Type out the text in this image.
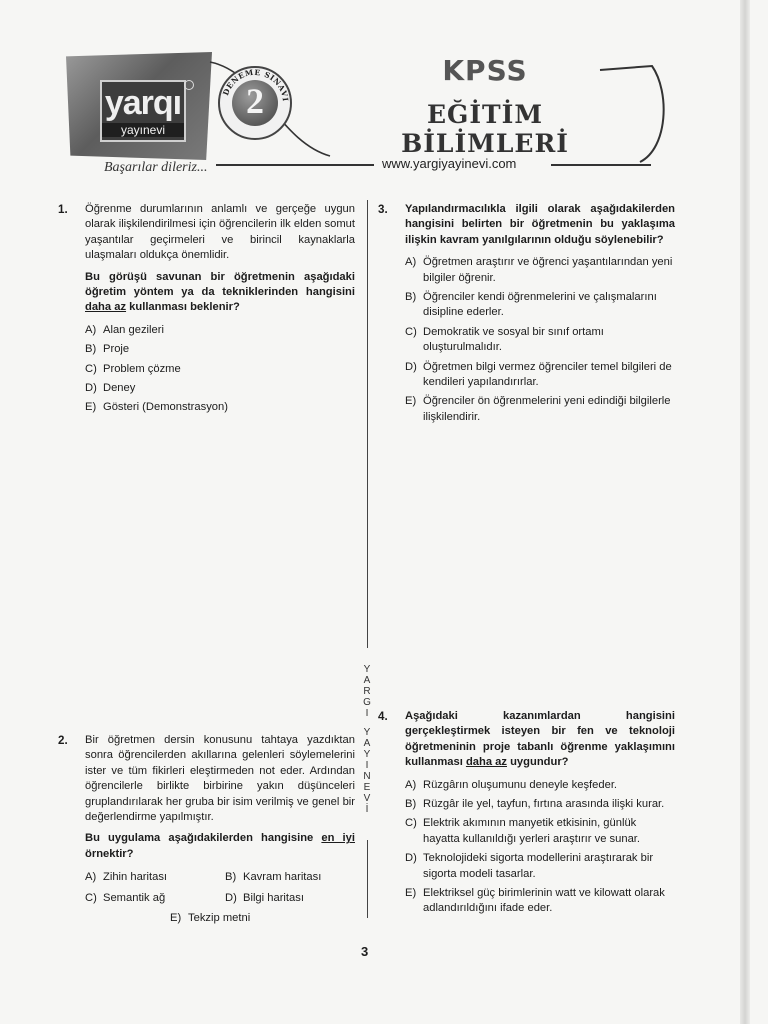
yarqı
yayınevi
DENEME SINAVI
2
KPSS
EĞİTİM BİLİMLERİ
Başarılar dileriz...	www.yargiyayinevi.com
Y
A
R
G
I
Y
A
Y
I
N
E
V
İ
1. Öğrenme durumlarının anlamlı ve gerçeğe uygun olarak ilişkilendirilmesi için öğrencilerin ilk elden somut yaşantılar geçirmeleri ve birincil kaynaklarla ulaşmaları oldukça önemlidir.

Bu görüşü savunan bir öğretmenin aşağıdaki öğretim yöntem ya da tekniklerinden hangisini daha az kullanması beklenir?

A) Alan gezileri
B) Proje
C) Problem çözme
D) Deney
E) Gösteri (Demonstrasyon)
2. Bir öğretmen dersin konusunu tahtaya yazdıktan sonra öğrencilerden akıllarına gelenleri söylemelerini ister ve tüm fikirleri eleştirmeden not eder. Ardından öğrencilerle birlikte birbirine yakın düşünceleri gruplandırılarak her gruba bir isim verilmiş ve genel bir değerlendirme yapılmıştır.

Bu uygulama aşağıdakilerden hangisine en iyi örnektir?

A) Zihin haritası	B) Kavram haritası
C) Semantik ağ	D) Bilgi haritası
E) Tekzip metni
3. Yapılandırmacılıkla ilgili olarak aşağıdakilerden hangisini belirten bir öğretmenin bu yaklaşıma ilişkin kavram yanılgılarının olduğu söylenebilir?

A) Öğretmen araştırır ve öğrenci yaşantılarından yeni bilgiler öğrenir.
B) Öğrenciler kendi öğrenmelerini ve çalışmalarını disipline ederler.
C) Demokratik ve sosyal bir sınıf ortamı oluşturulmalıdır.
D) Öğretmen bilgi vermez öğrenciler temel bilgileri de kendileri yapılandırırlar.
E) Öğrenciler ön öğrenmelerini yeni edindiği bilgilerle ilişkilendirir.
4. Aşağıdaki kazanımlardan hangisini gerçekleştirmek isteyen bir fen ve teknoloji öğretmeninin proje tabanlı öğrenme yaklaşımını kullanması daha az uygundur?

A) Rüzgârın oluşumunu deneyle keşfeder.
B) Rüzgâr ile yel, tayfun, fırtına arasında ilişki kurar.
C) Elektrik akımının manyetik etkisinin, günlük hayatta kullanıldığı yerleri araştırır ve sunar.
D) Teknolojideki sigorta modellerini araştırarak bir sigorta modeli tasarlar.
E) Elektriksel güç birimlerinin watt ve kilowatt olarak adlandırıldığını ifade eder.
3
